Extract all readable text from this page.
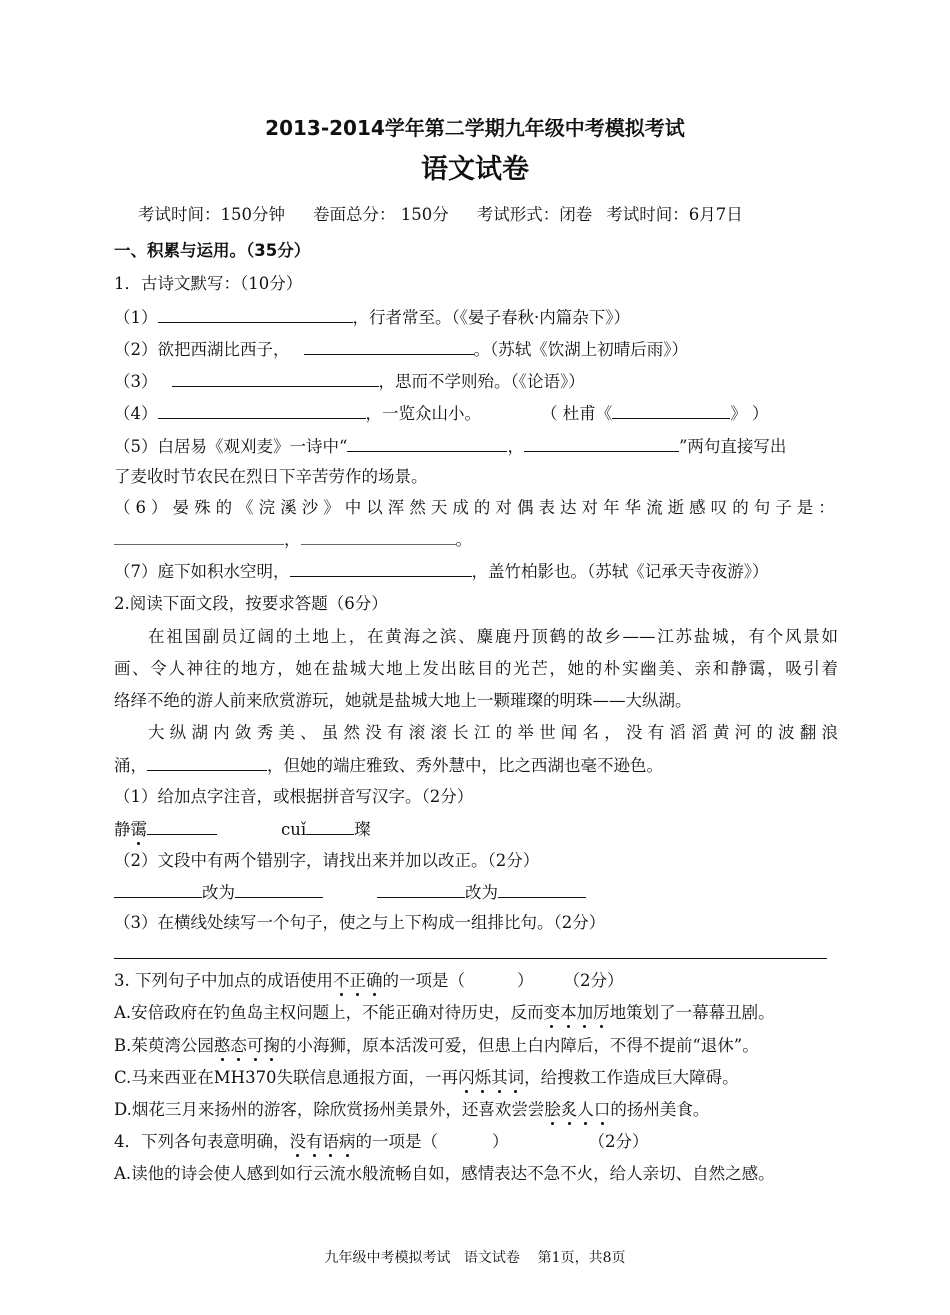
2013-2014学年第二学期九年级中考模拟考试
语文试卷
考试时间：150分钟 卷面总分： 150分 考试形式：闭卷 考试时间：6月7日
一、积累与运用。（35分）
1．古诗文默写：（10分）
（1）	，行者常至。（《晏子春秋·内篇杂下》）
（2）欲把西湖比西子，	。（苏轼《饮湖上初晴后雨》）
（3）	，思而不学则殆。（《论语》）
（4）	，一览众山小。	（ 杜甫《	》 ）
（5）白居易《观刈麦》一诗中“	，	”两句直接写出
了麦收时节农民在烈日下辛苦劳作的场景。
（6）晏殊的《浣溪沙》中以浑然天成的对偶表达对年华流逝感叹的句子是：
，	。
（7）庭下如积水空明，	，盖竹柏影也。（苏轼《记承天寺夜游》）
2.阅读下面文段，按要求答题（6分）
在祖国副员辽阔的土地上，在黄海之滨、麋鹿丹顶鹤的故乡——江苏盐城，有个风景如
画、令人神往的地方，她在盐城大地上发出眩目的光芒，她的朴实幽美、亲和静霭，吸引着
络绎不绝的游人前来欣赏游玩，她就是盐城大地上一颗璀璨的明珠——大纵湖。
大纵湖内敛秀美、虽然没有滚滚长江的举世闻名，没有滔滔黄河的波翻浪
涌，	，但她的端庄雅致、秀外慧中，比之西湖也毫不逊色。
（1）给加点字注音，或根据拼音写汉字。（2分）
静霭	cuǐ	璨
（2）文段中有两个错别字，请找出来并加以改正。（2分）
改为	改为
（3）在横线处续写一个句子，使之与上下构成一组排比句。（2分）
3. 下列句子中加点的成语使用不正确的一项是（	） （2分）
A.安倍政府在钓鱼岛主权问题上，不能正确对待历史，反而变本加厉地策划了一幕幕丑剧。
B.茱萸湾公园憨态可掬的小海狮，原本活泼可爱，但患上白内障后，不得不提前“退休”。
C.马来西亚在MH370失联信息通报方面，一再闪烁其词，给搜救工作造成巨大障碍。
D.烟花三月来扬州的游客，除欣赏扬州美景外，还喜欢尝尝脍炙人口的扬州美食。
4．下列各句表意明确，没有语病的一项是（	）	（2分）
A.读他的诗会使人感到如行云流水般流畅自如，感情表达不急不火，给人亲切、自然之感。
九年级中考模拟考试   语文试卷    第1页，共8页
